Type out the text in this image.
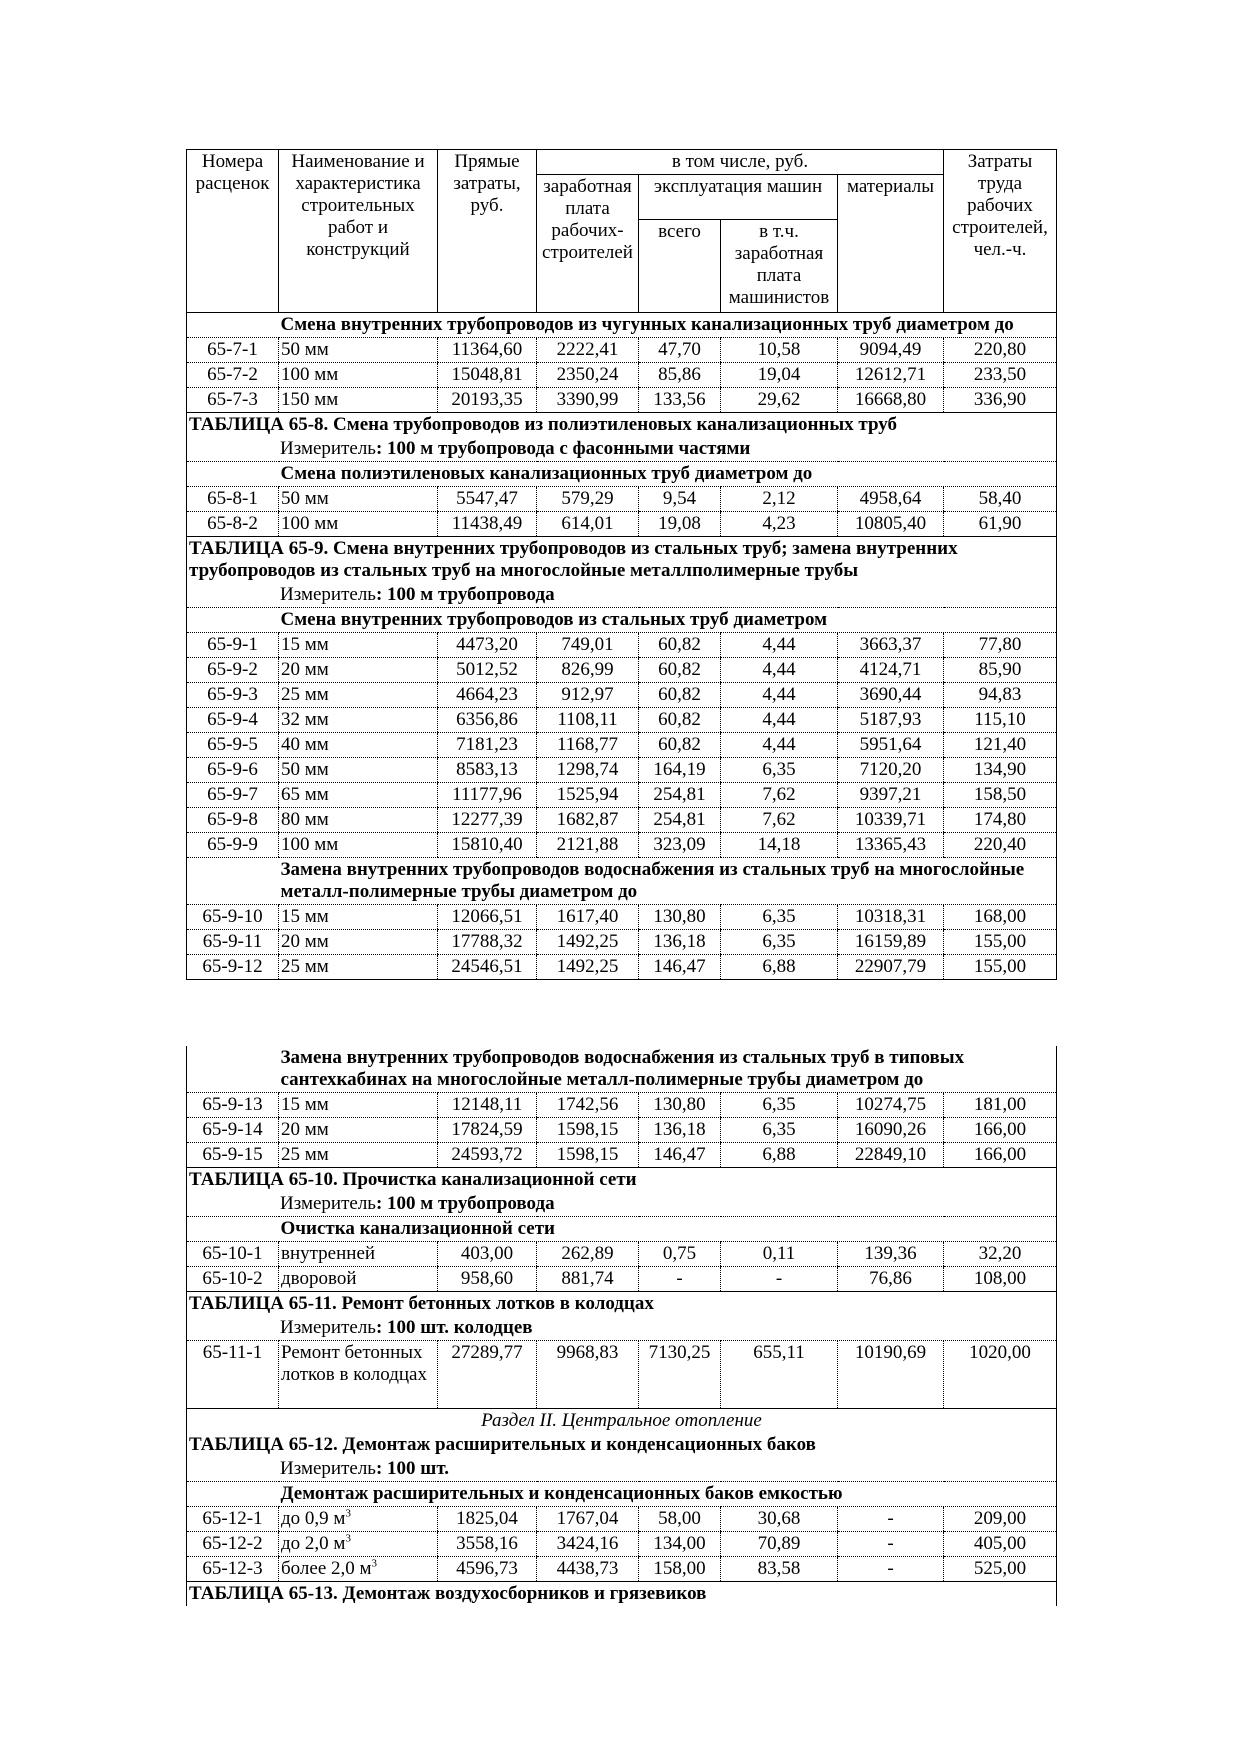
Номера расценок	Наименование и характеристика строительных работ и конструкций	Прямые затраты, руб.	в том числе, руб.				Затраты труда рабочих строителей, чел.-ч.
			заработная плата рабочих-строителей	эксплуатация машин		материалы	
				всего	в т.ч. заработная плата машинистов		

	Смена внутренних трубопроводов из чугунных канализационных труб диаметром до						
65-7-1	50 мм	11364,60	2222,41	47,70	10,58	9094,49	220,80
65-7-2	100 мм	15048,81	2350,24	85,86	19,04	12612,71	233,50
65-7-3	150 мм	20193,35	3390,99	133,56	29,62	16668,80	336,90
ТАБЛИЦА 65-8. Смена трубопроводов из полиэтиленовых канализационных труб							
Измеритель: 100 м трубопровода с фасонными частями							
	Смена полиэтиленовых канализационных труб диаметром до						
65-8-1	50 мм	5547,47	579,29	9,54	2,12	4958,64	58,40
65-8-2	100 мм	11438,49	614,01	19,08	4,23	10805,40	61,90
ТАБЛИЦА 65-9. Смена внутренних трубопроводов из стальных труб; замена внутренних трубопроводов из стальных труб на многослойные металлполимерные трубы							
Измеритель: 100 м трубопровода							
	Смена внутренних трубопроводов из стальных труб диаметром						
65-9-1	15 мм	4473,20	749,01	60,82	4,44	3663,37	77,80
65-9-2	20 мм	5012,52	826,99	60,82	4,44	4124,71	85,90
65-9-3	25 мм	4664,23	912,97	60,82	4,44	3690,44	94,83
65-9-4	32 мм	6356,86	1108,11	60,82	4,44	5187,93	115,10
65-9-5	40 мм	7181,23	1168,77	60,82	4,44	5951,64	121,40
65-9-6	50 мм	8583,13	1298,74	164,19	6,35	7120,20	134,90
65-9-7	65 мм	11177,96	1525,94	254,81	7,62	9397,21	158,50
65-9-8	80 мм	12277,39	1682,87	254,81	7,62	10339,71	174,80
65-9-9	100 мм	15810,40	2121,88	323,09	14,18	13365,43	220,40
	Замена внутренних трубопроводов водоснабжения из стальных труб на многослойные металл-полимерные трубы диаметром до						
65-9-10	15 мм	12066,51	1617,40	130,80	6,35	10318,31	168,00
65-9-11	20 мм	17788,32	1492,25	136,18	6,35	16159,89	155,00
65-9-12	25 мм	24546,51	1492,25	146,47	6,88	22907,79	155,00
	Замена внутренних трубопроводов водоснабжения из стальных труб в типовых сантехкабинах на многослойные металл-полимерные трубы диаметром до						
65-9-13	15 мм	12148,11	1742,56	130,80	6,35	10274,75	181,00
65-9-14	20 мм	17824,59	1598,15	136,18	6,35	16090,26	166,00
65-9-15	25 мм	24593,72	1598,15	146,47	6,88	22849,10	166,00
ТАБЛИЦА 65-10. Прочистка канализационной сети							
Измеритель: 100 м трубопровода							
	Очистка канализационной сети						
65-10-1	внутренней	403,00	262,89	0,75	0,11	139,36	32,20
65-10-2	дворовой	958,60	881,74	-	-	76,86	108,00
ТАБЛИЦА 65-11. Ремонт бетонных лотков в колодцах							
Измеритель: 100 шт. колодцев							
65-11-1	Ремонт бетонных лотков в колодцах	27289,77	9968,83	7130,25	655,11	10190,69	1020,00
Раздел II. Центральное отопление							
ТАБЛИЦА 65-12. Демонтаж расширительных и конденсационных баков							
Измеритель: 100 шт.							
	Демонтаж расширительных и конденсационных баков емкостью						
65-12-1	до 0,9 $м^3$	1825,04	1767,04	58,00	30,68	-	209,00
65-12-2	до 2,0 $м^3$	3558,16	3424,16	134,00	70,89	-	405,00
65-12-3	более 2,0 $м^3$	4596,73	4438,73	158,00	83,58	-	525,00
ТАБЛИЦА 65-13. Демонтаж воздухосборников и грязевиков							
